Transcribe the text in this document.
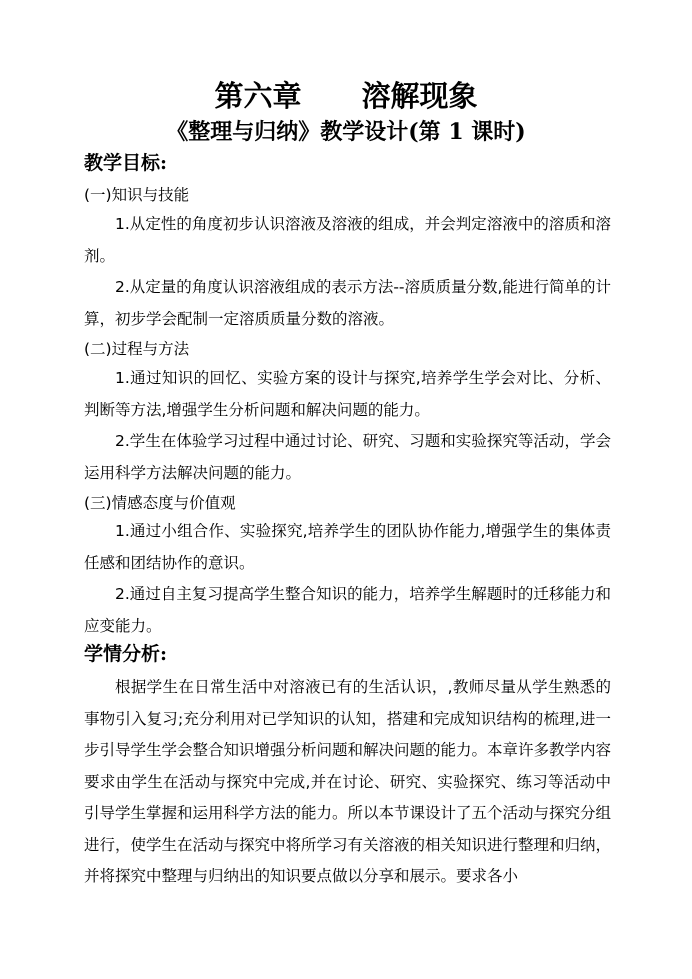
第六章 溶解现象
《整理与归纳》教学设计(第 1 课时)
教学目标:
(一)知识与技能
1.从定性的角度初步认识溶液及溶液的组成，并会判定溶液中的溶质和溶剂。
2.从定量的角度认识溶液组成的表示方法--溶质质量分数,能进行简单的计算，初步学会配制一定溶质质量分数的溶液。
(二)过程与方法
1.通过知识的回忆、实验方案的设计与探究,培养学生学会对比、分析、判断等方法,增强学生分析问题和解决问题的能力。
2.学生在体验学习过程中通过讨论、研究、习题和实验探究等活动，学会运用科学方法解决问题的能力。
(三)情感态度与价值观
1.通过小组合作、实验探究,培养学生的团队协作能力,增强学生的集体责任感和团结协作的意识。
2.通过自主复习提高学生整合知识的能力，培养学生解题时的迁移能力和应变能力。
学情分析:
根据学生在日常生活中对溶液已有的生活认识，,教师尽量从学生熟悉的事物引入复习;充分利用对已学知识的认知，搭建和完成知识结构的梳理,进一步引导学生学会整合知识增强分析问题和解决问题的能力。本章许多教学内容要求由学生在活动与探究中完成,并在讨论、研究、实验探究、练习等活动中引导学生掌握和运用科学方法的能力。所以本节课设计了五个活动与探究分组进行，使学生在活动与探究中将所学习有关溶液的相关知识进行整理和归纳，并将探究中整理与归纳出的知识要点做以分享和展示。要求各小
